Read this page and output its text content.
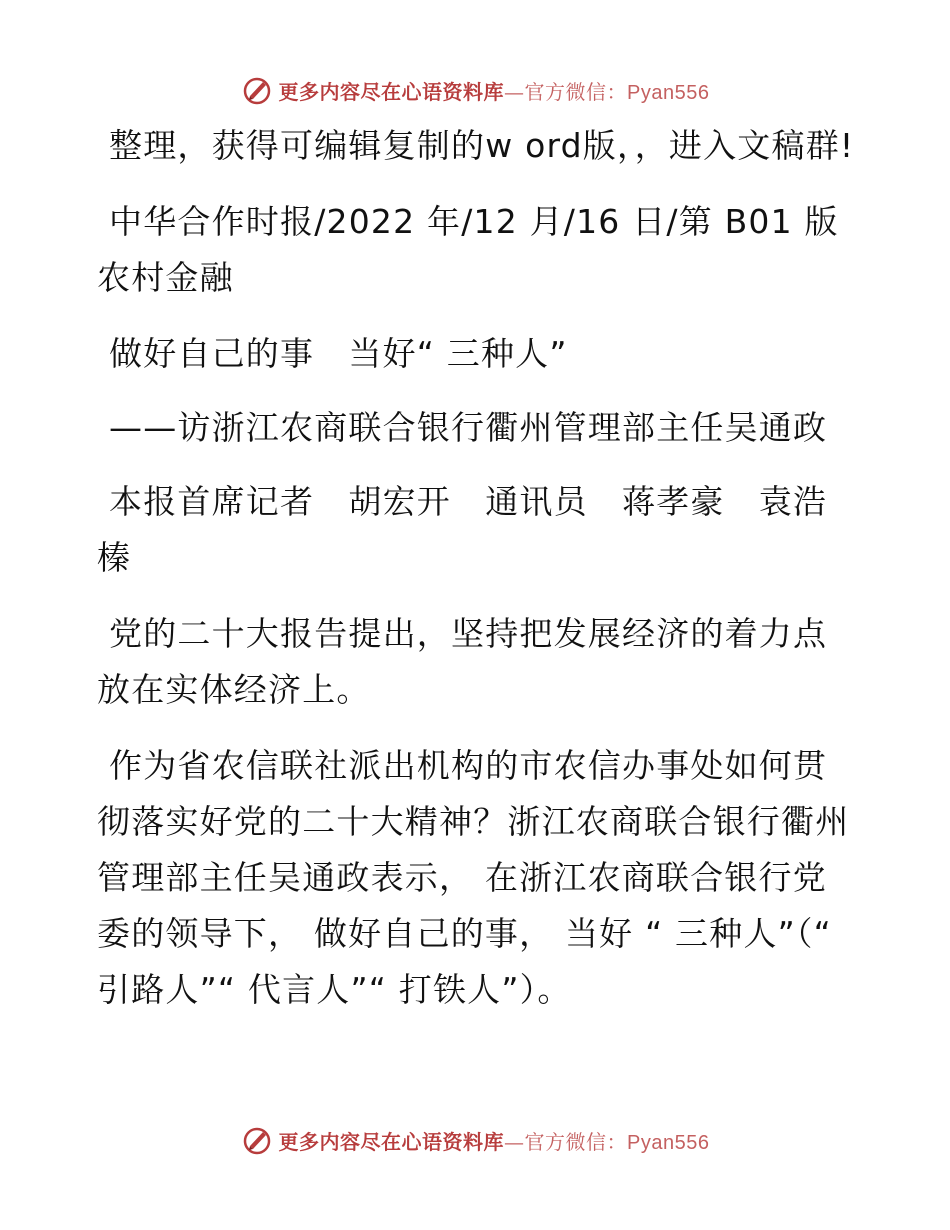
更多内容尽在心语资料库—官方微信：Pyan556

整理，获得可编辑复制的w ord版，，进入文稿群!

中华合作时报/2022 年/12 月/16 日/第 B01 版农村金融

做好自己的事　当好“ 三种人”

——访浙江农商联合银行衢州管理部主任吴通政

本报首席记者　胡宏开　通讯员　蒋孝豪　袁浩榛

党的二十大报告提出，坚持把发展经济的着力点放在实体经济上。

作为省农信联社派出机构的市农信办事处如何贯彻落实好党的二十大精神？浙江农商联合银行衢州管理部主任吴通政表示， 在浙江农商联合银行党委的领导下， 做好自己的事， 当好 “ 三种人”（“ 引路人”“ 代言人”“ 打铁人”）。

更多内容尽在心语资料库—官方微信：Pyan556
